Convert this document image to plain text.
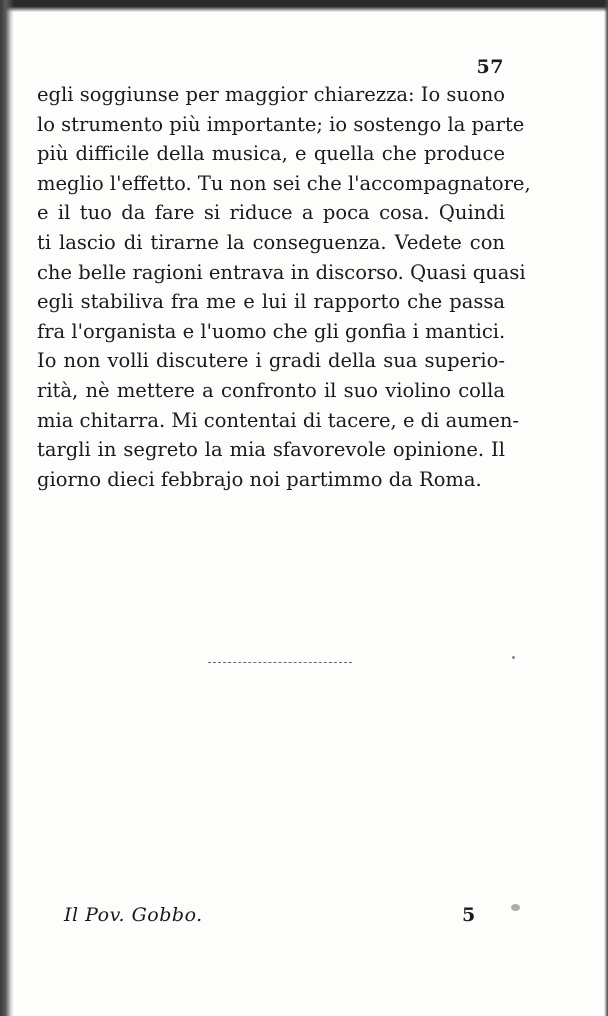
57
egli soggiunse per maggior chiarezza: Io suono
lo strumento più importante; io sostengo la parte
più difficile della musica, e quella che produce
meglio l'effetto. Tu non sei che l'accompagnatore,
e il tuo da fare si riduce a poca cosa. Quindi
ti lascio di tirarne la conseguenza. Vedete con
che belle ragioni entrava in discorso. Quasi quasi
egli stabiliva fra me e lui il rapporto che passa
fra l'organista e l'uomo che gli gonfia i mantici.
Io non volli discutere i gradi della sua superio-
rità, nè mettere a confronto il suo violino colla
mia chitarra. Mi contentai di tacere, e di aumen-
targli in segreto la mia sfavorevole opinione. Il
giorno dieci febbrajo noi partimmo da Roma.
Il Pov. Gobbo.	5
